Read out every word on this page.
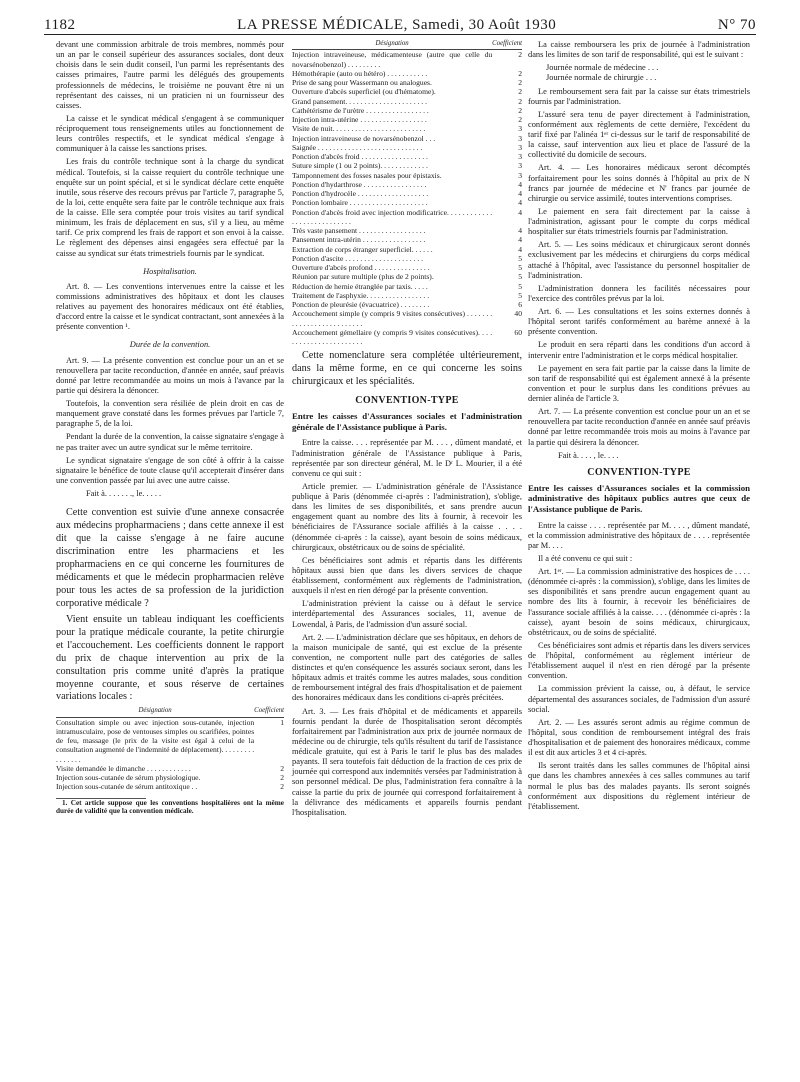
1182	LA PRESSE MÉDICALE, Samedi, 30 Août 1930	N° 70

devant une commission arbitrale de trois membres, nommés pour un an par le conseil supérieur des assurances sociales, dont deux choisis dans le sein dudit conseil, l'un parmi les représentants des caisses primaires, l'autre parmi les délégués des groupements professionnels de médecins, le troisième ne pouvant être ni un représentant des caisses, ni un praticien ni un fournisseur des caisses.

La caisse et le syndicat médical s'engagent à se communiquer réciproquement tous renseignements utiles au fonctionnement de leurs contrôles respectifs, et le syndicat médical s'engage à communiquer à la caisse les sanctions prises.

Les frais du contrôle technique sont à la charge du syndicat médical. Toutefois, si la caisse requiert du contrôle technique une enquête sur un point spécial, et si le syndicat déclare cette enquête inutile, sous réserve des recours prévus par l'article 7, paragraphe 5, de la loi, cette enquête sera faite par le contrôle technique aux frais de la caisse. Elle sera comptée pour trois visites au tarif syndical minimum, les frais de déplacement en sus, s'il y a lieu, au même tarif. Ce prix comprend les frais de rapport et son envoi à la caisse. Le règlement des dépenses ainsi engagées sera effectué par la caisse au syndicat sur états trimestriels fournis par le syndicat.

Hospitalisation.

Art. 8. — Les conventions intervenues entre la caisse et les commissions administratives des hôpitaux et dont les clauses relatives au payement des honoraires médicaux ont été établies, d'accord entre la caisse et le syndicat contractant, sont annexées à la présente convention ¹.

Durée de la convention.

Art. 9. — La présente convention est conclue pour un an et se renouvellera par tacite reconduction, d'année en année, sauf préavis donné par lettre recommandée au moins un mois à l'avance par la partie qui désirera la dénoncer.

Toutefois, la convention sera résiliée de plein droit en cas de manquement grave constaté dans les formes prévues par l'article 7, paragraphe 5, de la loi.

Pendant la durée de la convention, la caisse signataire s'engage à ne pas traiter avec un autre syndicat sur le même territoire.

Le syndicat signataire s'engage de son côté à offrir à la caisse signataire le bénéfice de toute clause qu'il accepterait d'insérer dans une convention passée par lui avec une autre caisse.

Fait à. . . . . . ., le. . . . .

Cette convention est suivie d'une annexe consacrée aux médecins propharmaciens ; dans cette annexe il est dit que la caisse s'engage à ne faire aucune discrimination entre les pharmaciens et les propharmaciens en ce qui concerne les fournitures de médicaments et que le médecin propharmacien relève pour tous les actes de sa profession de la juridiction corporative médicale ?

Vient ensuite un tableau indiquant les coefficients pour la pratique médicale courante, la petite chirurgie et l'accouchement. Les coefficients donnent le rapport du prix de chaque intervention au prix de la consultation pris comme unité d'après la pratique moyenne courante, et sous réserve de certaines variations locales :

Désignation	Coefficient
Consultation simple ou avec injection sous-cutanée, injection intramusculaire, pose de ventouses simples ou scarifiées, pointes de feu, massage (le prix de la visite est égal à celui de la consultation augmenté de l'indemnité de déplacement). . . . . . . . . . . . . . . .	1
Visite demandée le dimanche . . . . . . . . . . . .	2
Injection sous-cutanée de sérum physiologique.	2
Injection sous-cutanée de sérum antitoxique . .	2

1. Cet article suppose que les conventions hospitalières ont la même durée de validité que la convention médicale.

Désignation	Coefficient
Injection intraveineuse, médicamenteuse (autre que celle du novarsénobenzol) . . . . . . . . .	2
Hémothérapie (auto ou hétéro) . . . . . . . . . . .	2
Prise de sang pour Wassermann ou analogues.	2
Ouverture d'abcès superficiel (ou d'hématome).	2
Grand pansement. . . . . . . . . . . . . . . . . . . . . .	2
Cathétérisme de l'urètre . . . . . . . . . . . . . . . . .	2
Injection intra-utérine . . . . . . . . . . . . . . . . . .	2
Visite de nuit. . . . . . . . . . . . . . . . . . . . . . . . .	3
Injection intraveineuse de novarsénobenzol . . .	3
Saignée . . . . . . . . . . . . . . . . . . . . . . . . . . . .	3
Ponction d'abcès froid . . . . . . . . . . . . . . . . . .	3
Suture simple (1 ou 2 points). . . . . . . . . . . . .	3
Tamponnement des fosses nasales pour épistaxis.	3
Ponction d'hydarthrose . . . . . . . . . . . . . . . . .	4
Ponction d'hydrocèle . . . . . . . . . . . . . . . . . . .	4
Ponction lombaire . . . . . . . . . . . . . . . . . . . . .	4
Ponction d'abcès froid avec injection modificatrice. . . . . . . . . . . . . . . . . . . . . . . . . . . .	4
Très vaste pansement . . . . . . . . . . . . . . . . . .	4
Pansement intra-utérin . . . . . . . . . . . . . . . . .	4
Extraction de corps étranger superficiel. . . . . .	4
Ponction d'ascite . . . . . . . . . . . . . . . . . . . . .	5
Ouverture d'abcès profond . . . . . . . . . . . . . . .	5
Réunion par suture multiple (plus de 2 points).	5
Réduction de hernie étranglée par taxis. . . . .	5
Traitement de l'asphyxie. . . . . . . . . . . . . . . . .	5
Ponction de pleurésie (évacuatrice) . . . . . . . .	6
Accouchement simple (y compris 9 visites consécutives) . . . . . . . . . . . . . . . . . . . . . . . . . .	40
Accouchement gémellaire (y compris 9 visites consécutives). . . . . . . . . . . . . . . . . . . . . . .	60

Cette nomenclature sera complétée ultérieurement, dans la même forme, en ce qui concerne les soins chirurgicaux et les spécialités.

CONVENTION-TYPE

Entre les caisses d'Assurances sociales et l'administration générale de l'Assistance publique à Paris.

Entre la caisse. . . . représentée par M. . . . , dûment mandaté, et l'administration générale de l'Assistance publique à Paris, représentée par son directeur général, M. le Dʳ L. Mourier, il a été convenu ce qui suit :

Article premier. — L'administration générale de l'Assistance publique à Paris (dénommée ci-après : l'administration), s'oblige, dans les limites de ses disponibilités, et sans prendre aucun engagement quant au nombre des lits à fournir, à recevoir les bénéficiaires de l'Assurance sociale affiliés à la caisse . . . . (dénommée ci-après : la caisse), ayant besoin de soins médicaux, chirurgicaux, obstétricaux ou de soins de spécialité.

Ces bénéficiaires sont admis et répartis dans les différents hôpitaux aussi bien que dans les divers services de chaque établissement, conformément aux règlements de l'administration, auxquels il n'est en rien dérogé par la présente convention.

L'administration prévient la caisse ou à défaut le service interdépartemental des Assurances sociales, 11, avenue de Lowendal, à Paris, de l'admission d'un assuré social.

Art. 2. — L'administration déclare que ses hôpitaux, en dehors de la maison municipale de santé, qui est exclue de la présente convention, ne comportent nulle part des catégories de salles distinctes et qu'en conséquence les assurés sociaux seront, dans les hôpitaux admis et traités comme les autres malades, sous condition de remboursement intégral des frais d'hospitalisation et de paiement des honoraires médicaux dans les conditions ci-après précitées.

Art. 3. — Les frais d'hôpital et de médicaments et appareils fournis pendant la durée de l'hospitalisation seront décomptés forfaitairement par l'administration aux prix de journée normaux de médecine ou de chirurgie, tels qu'ils résultent du tarif de l'assistance médicale gratuite, qui est à Paris le tarif le plus bas des malades payants. Il sera toutefois fait déduction de la fraction de ces prix de journée qui correspond aux indemnités versées par l'administration à son personnel médical. De plus, l'administration fera connaître à la caisse la partie du prix de journée qui correspond forfaitairement à la délivrance des médicaments et appareils fournis pendant l'hospitalisation.

La caisse remboursera les prix de journée à l'administration dans les limites de son tarif de responsabilité, qui est le suivant :

Journée normale de médecine . . .

Journée normale de chirurgie . . .

Le remboursement sera fait par la caisse sur états trimestriels fournis par l'administration.

L'assuré sera tenu de payer directement à l'administration, conformément aux règlements de cette dernière, l'excédent du tarif fixé par l'alinéa 1ᵉʳ ci-dessus sur le tarif de responsabilité de la caisse, sauf intervention aux lieu et place de l'assuré de la collectivité du domicile de secours.

Art. 4. — Les honoraires médicaux seront décomptés forfaitairement pour les soins donnés à l'hôpital au prix de N francs par journée de médecine et N' francs par journée de chirurgie ou service assimilé, toutes interventions comprises.

Le paiement en sera fait directement par la caisse à l'administration, agissant pour le compte du corps médical hospitalier sur états trimestriels fournis par l'administration.

Art. 5. — Les soins médicaux et chirurgicaux seront donnés exclusivement par les médecins et chirurgiens du corps médical attaché à l'hôpital, avec l'assistance du personnel hospitalier de l'administration.

L'administration donnera les facilités nécessaires pour l'exercice des contrôles prévus par la loi.

Art. 6. — Les consultations et les soins externes donnés à l'hôpital seront tarifés conformément au barème annexé à la présente convention.

Le produit en sera réparti dans les conditions d'un accord à intervenir entre l'administration et le corps médical hospitalier.

Le payement en sera fait partie par la caisse dans la limite de son tarif de responsabilité qui est également annexé à la présente convention et pour le surplus dans les conditions prévues au dernier alinéa de l'article 3.

Art. 7. — La présente convention est conclue pour un an et se renouvellera par tacite reconduction d'année en année sauf préavis donné par lettre recommandée trois mois au moins à l'avance par la partie qui désirera la dénoncer.

Fait à. . . . , le. . . .

CONVENTION-TYPE

Entre les caisses d'Assurances sociales et la commission administrative des hôpitaux publics autres que ceux de l'Assistance publique de Paris.

Entre la caisse . . . . représentée par M. . . . , dûment mandaté, et la commission administrative des hôpitaux de . . . . représentée par M. . . .

Il a été convenu ce qui suit :

Art. 1ᵉʳ. — La commission administrative des hospices de . . . . (dénommée ci-après : la commission), s'oblige, dans les limites de ses disponibilités et sans prendre aucun engagement quant au nombre des lits à fournir, à recevoir les bénéficiaires de l'assurance sociale affiliés à la caisse. . . . (dénommée ci-après : la caisse), ayant besoin de soins médicaux, chirurgicaux, obstétricaux, ou de soins de spécialité.

Ces bénéficiaires sont admis et répartis dans les divers services de l'hôpital, conformément au règlement intérieur de l'établissement auquel il n'est en rien dérogé par la présente convention.

La commission prévient la caisse, ou, à défaut, le service départemental des assurances sociales, de l'admission d'un assuré social.

Art. 2. — Les assurés seront admis au régime commun de l'hôpital, sous condition de remboursement intégral des frais d'hospitalisation et de paiement des honoraires médicaux, comme il est dit aux articles 3 et 4 ci-après.

Ils seront traités dans les salles communes de l'hôpital ainsi que dans les chambres annexées à ces salles communes au tarif normal le plus bas des malades payants. Ils seront soignés conformément aux dispositions du règlement intérieur de l'établissement.
